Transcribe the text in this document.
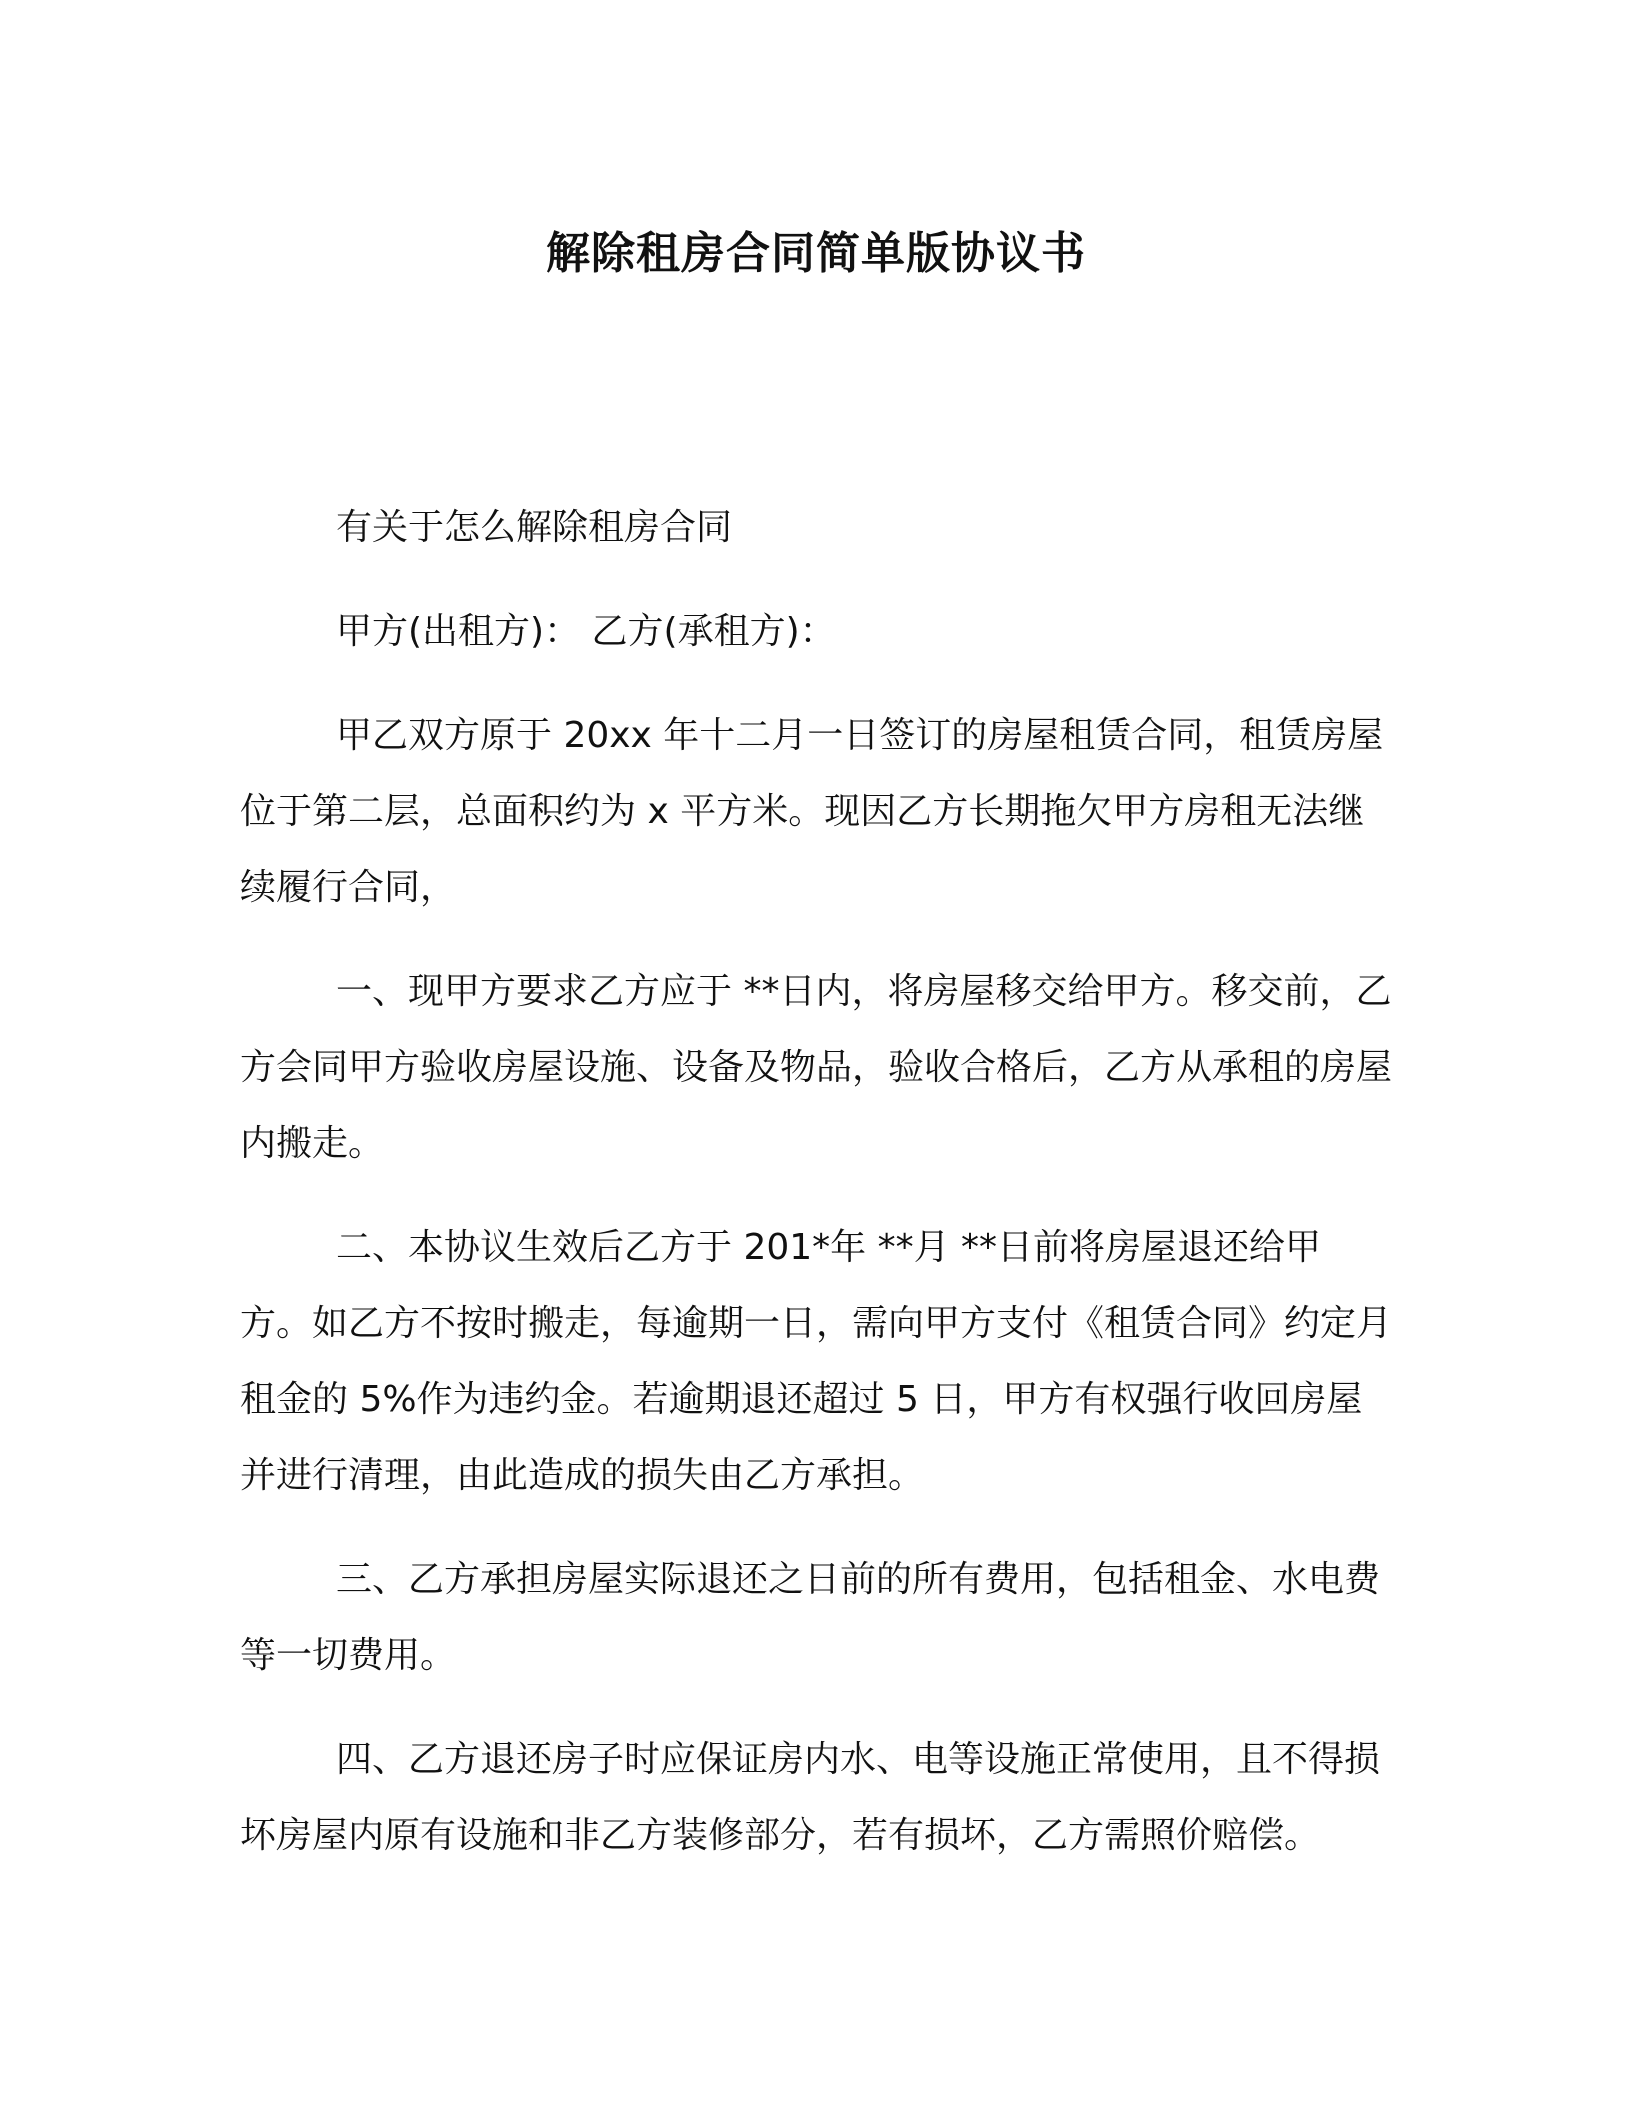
解除租房合同简单版协议书

有关于怎么解除租房合同

甲方(出租方)： 乙方(承租方)：

甲乙双方原于 20xx 年十二月一日签订的房屋租赁合同，租赁房屋位于第二层，总面积约为 x 平方米。现因乙方长期拖欠甲方房租无法继续履行合同，

一、现甲方要求乙方应于 **日内，将房屋移交给甲方。移交前，乙方会同甲方验收房屋设施、设备及物品，验收合格后，乙方从承租的房屋内搬走。

二、本协议生效后乙方于 201*年 **月 **日前将房屋退还给甲方。如乙方不按时搬走，每逾期一日，需向甲方支付《租赁合同》约定月租金的 5%作为违约金。若逾期退还超过 5 日，甲方有权强行收回房屋并进行清理，由此造成的损失由乙方承担。

三、乙方承担房屋实际退还之日前的所有费用，包括租金、水电费等一切费用。

四、乙方退还房子时应保证房内水、电等设施正常使用，且不得损坏房屋内原有设施和非乙方装修部分，若有损坏，乙方需照价赔偿。
